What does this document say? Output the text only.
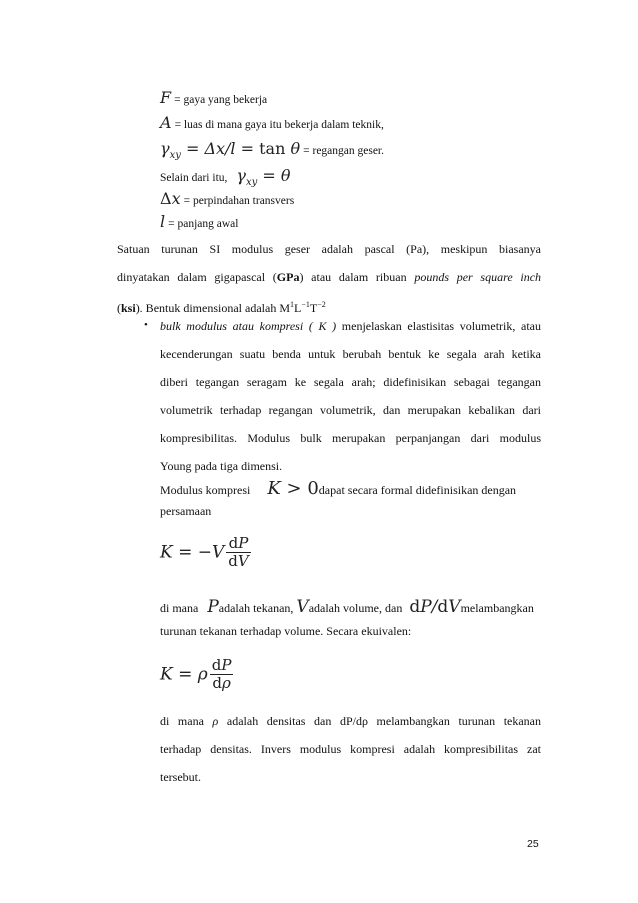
F = gaya yang bekerja
A = luas di mana gaya itu bekerja dalam teknik,
$\gamma_{xy} = \Delta x/l = \tan \theta$ = regangan geser.
Selain dari itu, $\gamma_{xy} = \theta$
Δx = perpindahan transvers
l = panjang awal
Satuan turunan SI modulus geser adalah pascal (Pa), meskipun biasanya
dinyatakan dalam gigapascal (GPa) atau dalam ribuan pounds per square inch
(ksi). Bentuk dimensional adalah $M^1L^{-1}T^{-2}$
• bulk modulus atau kompresi ( K ) menjelaskan elastisitas volumetrik, atau
kecenderungan suatu benda untuk berubah bentuk ke segala arah ketika
diberi tegangan seragam ke segala arah; didefinisikan sebagai tegangan
volumetrik terhadap regangan volumetrik, dan merupakan kebalikan dari
kompresibilitas. Modulus bulk merupakan perpanjangan dari modulus
Young pada tiga dimensi.
Modulus kompresi K > 0dapat secara formal didefinisikan dengan
persamaan
$K = -V \frac{dP}{dV}$
di mana Padalah tekanan, Vadalah volume, dan dP/dVmelambangkan
turunan tekanan terhadap volume. Secara ekuivalen:
K = ρ $\frac{dP}{d\rho}$
di mana ρ adalah densitas dan dP/dρ melambangkan turunan tekanan
terhadap densitas. Invers modulus kompresi adalah kompresibilitas zat
tersebut.
25
